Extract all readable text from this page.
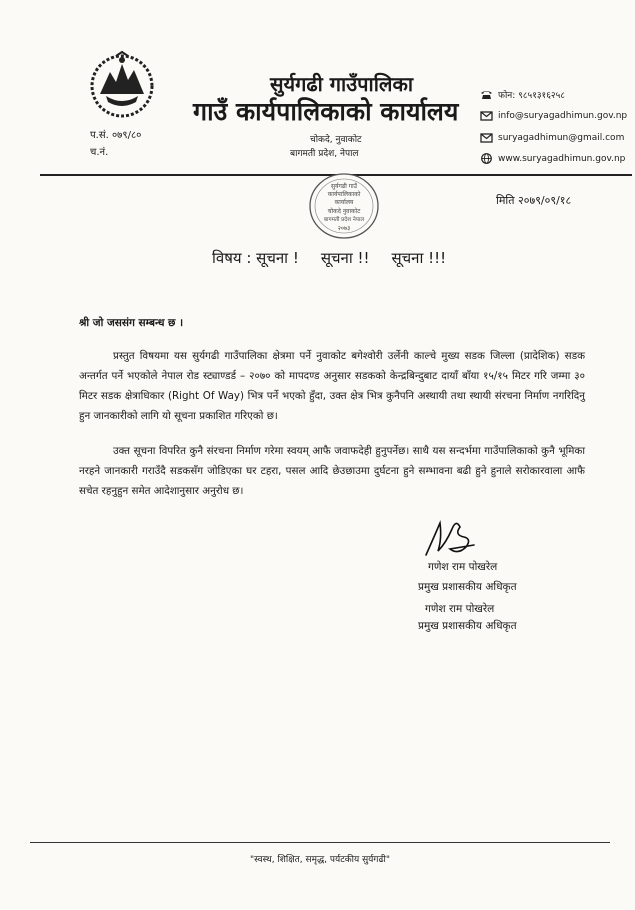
सुर्यगढी गाउँपालिका
गाउँ कार्यपालिकाको कार्यालय
चोकदे, नुवाकोट
बागमती प्रदेश, नेपाल
प.सं. ०७९/८०
च.नं.
फोन: ९८५१३१६२५८
info@suryagadhimun.gov.np
suryagadhimun@gmail.com
www.suryagadhimun.gov.np
सुर्यगढी गाउँ
कार्यपालिकाको
कार्यालय
चोकदे नुवाकोट
बागमती प्रदेश नेपाल
२०७३
मिति २०७९/०९/१८
विषय : सूचना ! सूचना !! सूचना !!!
श्री जो जससंग सम्बन्ध छ ।
प्रस्तुत विषयमा यस सुर्यगढी गाउँपालिका क्षेत्रमा पर्ने नुवाकोट बगेश्वोरी उर्लेनी काल्चे मुख्य सडक जिल्ला (प्रादेशिक) सडक अन्तर्गत पर्ने भएकोले नेपाल रोड स्ट्याण्डर्ड – २०७० को मापदण्ड अनुसार सडकको केन्द्रबिन्दुबाट दायाँ बाँया १५/१५ मिटर गरि जम्मा ३० मिटर सडक क्षेत्राधिकार (Right Of Way) भित्र पर्ने भएको हुँदा, उक्त क्षेत्र भित्र कुनैपनि अस्थायी तथा स्थायी संरचना निर्माण नगरिदिनु हुन जानकारीको लागि यो सूचना प्रकाशित गरिएको छ।
उक्त सूचना विपरित कुनै संरचना निर्माण गरेमा स्वयम् आफै जवाफदेही हुनुपर्नेछ। साथै यस सन्दर्भमा गाउँपालिकाको कुनै भूमिका नरहने जानकारी गराउँदै सडकसँग जोडिएका घर टहरा, पसल आदि छेउछाउमा दुर्घटना हुने सम्भावना बढी हुने हुनाले सरोकारवाला आफै सचेत रहनुहुन समेत आदेशानुसार अनुरोध छ।
गणेश राम पोखरेल
प्रमुख प्रशासकीय अधिकृत
गणेश राम पोखरेल
प्रमुख प्रशासकीय अधिकृत
"स्वस्थ, शिक्षित, समृद्ध, पर्यटकीय सुर्यगढी"
